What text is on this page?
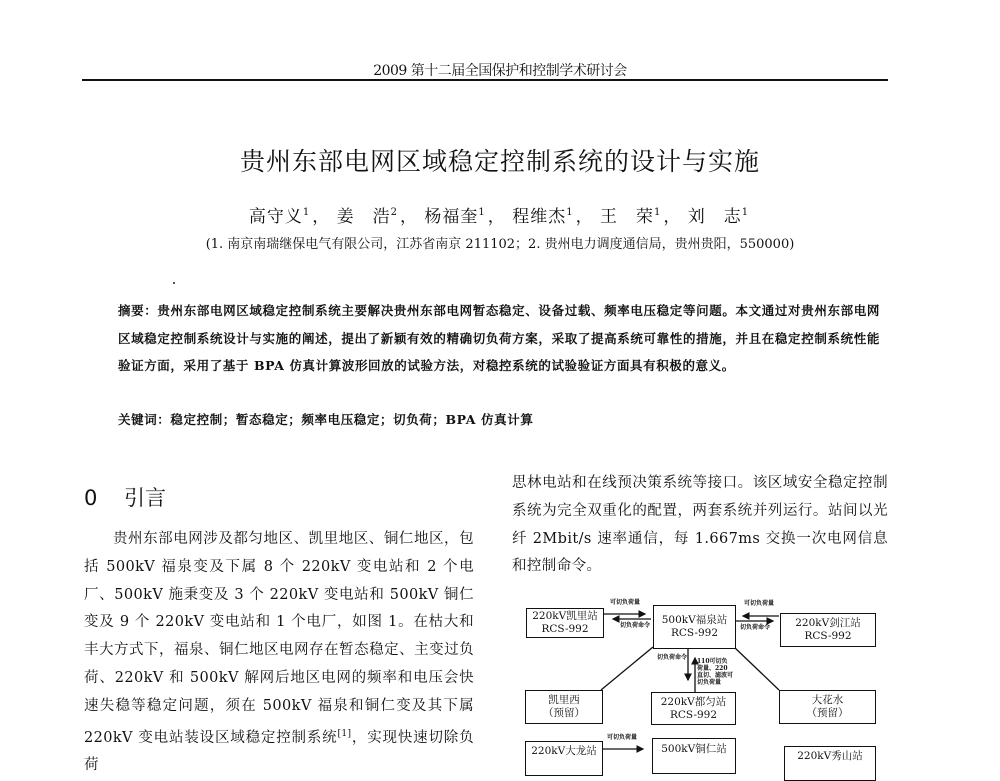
2009 第十二届全国保护和控制学术研讨会
贵州东部电网区域稳定控制系统的设计与实施
高守义$^1$ ， 姜　浩$^2$ ， 杨福奎$^1$ ， 程维杰$^1$ ， 王　荣$^1$ ， 刘　志$^1$
(1. 南京南瑞继保电气有限公司，江苏省南京 211102；2. 贵州电力调度通信局，贵州贵阳，550000)
摘要：贵州东部电网区域稳定控制系统主要解决贵州东部电网暂态稳定、设备过载、频率电压稳定等问题。本文通过对贵州东部电网区域稳定控制系统设计与实施的阐述，提出了新颖有效的精确切负荷方案，采取了提高系统可靠性的措施，并且在稳定控制系统性能验证方面，采用了基于 BPA 仿真计算波形回放的试验方法，对稳控系统的试验验证方面具有积极的意义。
关键词：稳定控制；暂态稳定；频率电压稳定；切负荷；BPA 仿真计算
0 引言

贵州东部电网涉及都匀地区、凯里地区、铜仁地区，包括 500kV 福泉变及下属 8 个 220kV 变电站和 2 个电厂、500kV 施秉变及 3 个 220kV 变电站和 500kV 铜仁变及 9 个 220kV 变电站和 1 个电厂，如图 1。在枯大和丰大方式下，福泉、铜仁地区电网存在暂态稳定、主变过负荷、220kV 和 500kV 解网后地区电网的频率和电压会快速失稳等稳定问题，须在 500kV 福泉和铜仁变及其下属 220kV 变电站装设区域稳定控制系统[1]，实现快速切除负荷

思林电站和在线预决策系统等接口。该区域安全稳定控制系统为完全双重化的配置，两套系统并列运行。站间以光纤 2Mbit/s 速率通信，每 1.667ms 交换一次电网信息和控制命令。

220kV凯里站
RCS-992
500kV福泉站
RCS-992
220kV剑江站
RCS-992
凯里西
（预留）
220kV都匀站
RCS-992
大花水
（预留）
220kV大龙站	500kV铜仁站
220kV秀山站
可切负荷量
切负荷命令
可切负荷量
切负荷命令
切负荷命令
110可切负荷量、220直切、滤波可切负荷量
可切负荷量
